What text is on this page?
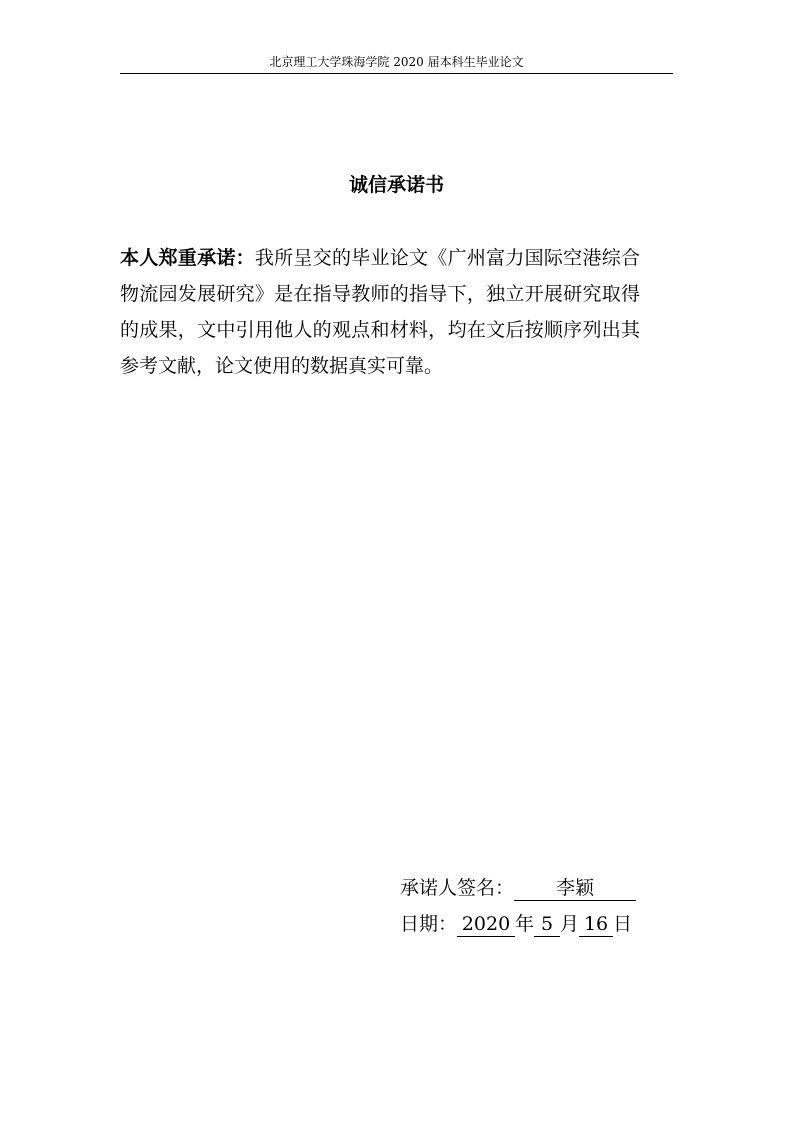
北京理工大学珠海学院 2020 届本科生毕业论文
诚信承诺书
本人郑重承诺：我所呈交的毕业论文《广州富力国际空港综合物流园发展研究》是在指导教师的指导下，独立开展研究取得的成果，文中引用他人的观点和材料，均在文后按顺序列出其参考文献，论文使用的数据真实可靠。
承诺人签名： 李颖
日期： 2020 年 5 月 16 日
